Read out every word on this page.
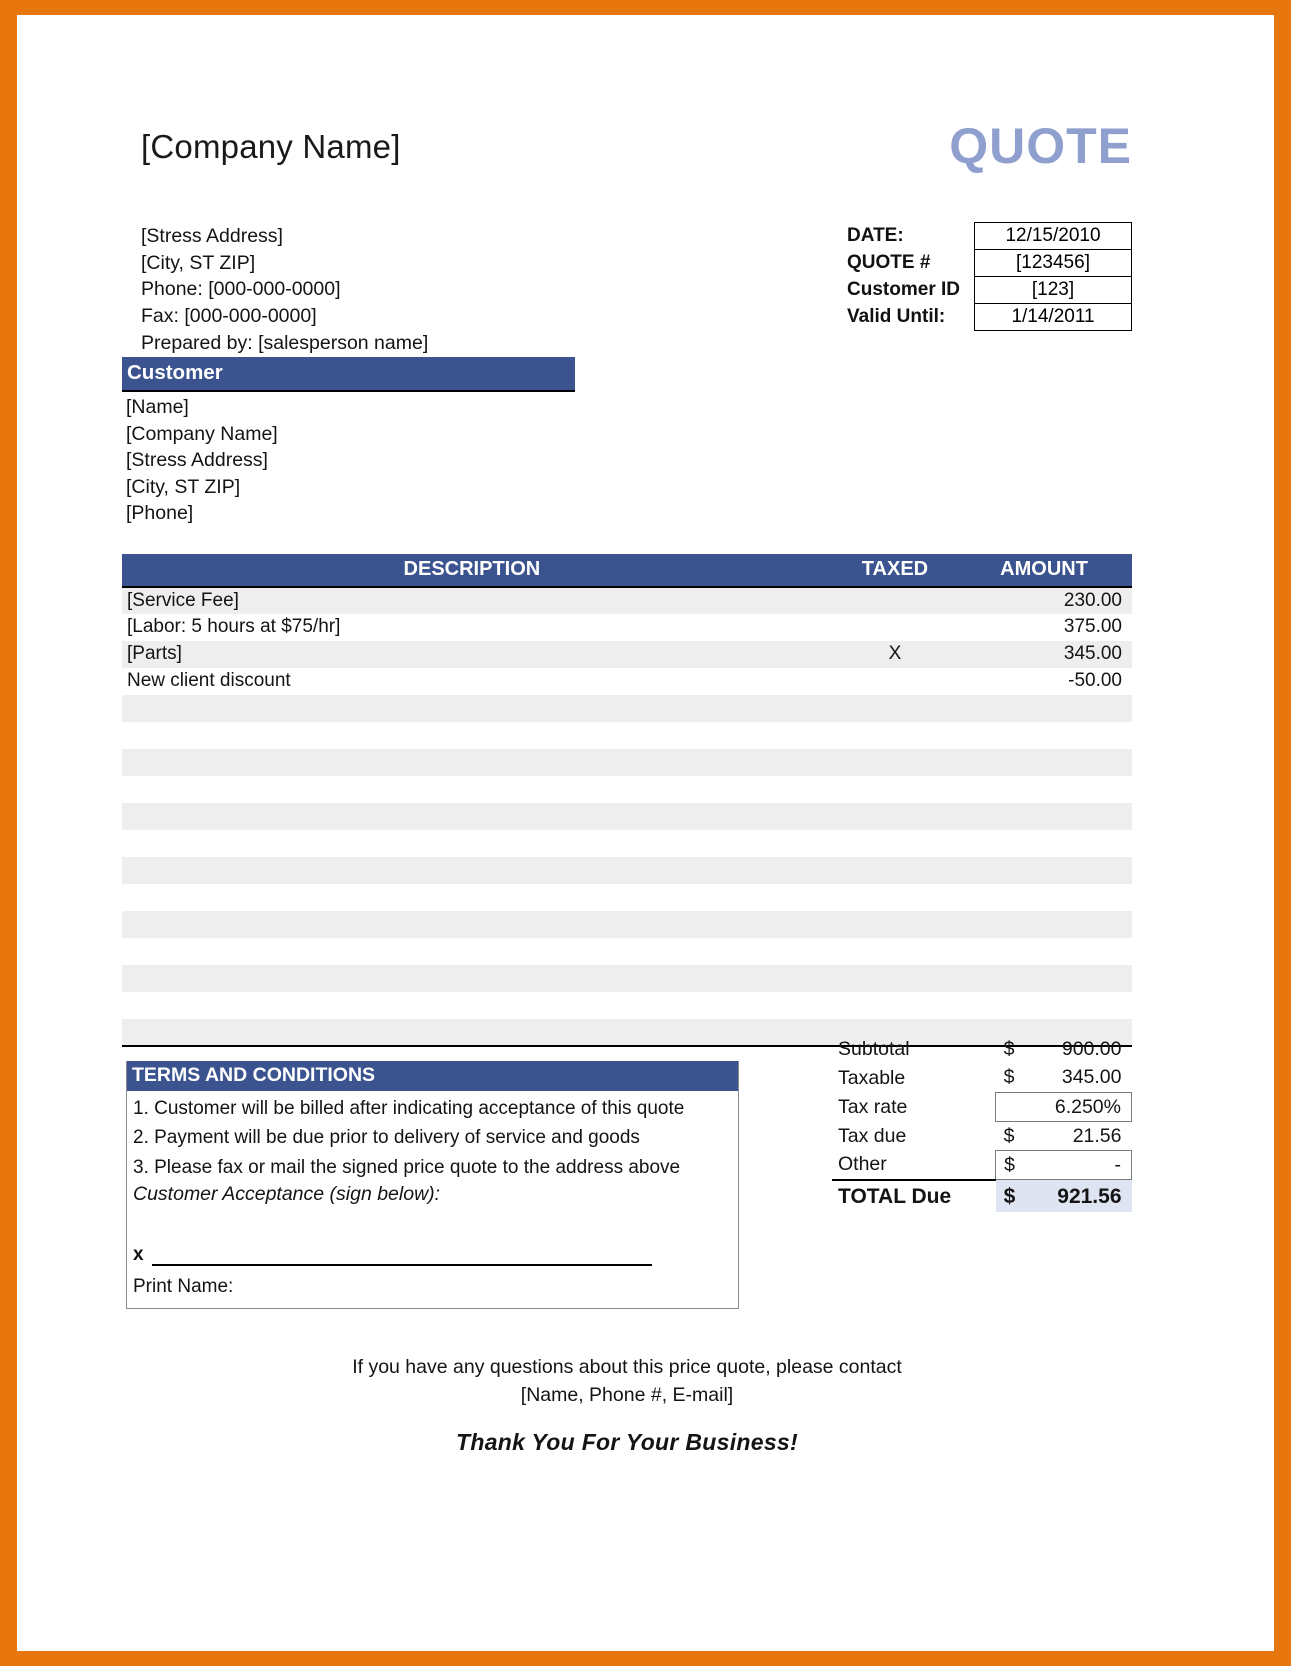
[Company Name]	QUOTE
[Stress Address]
[City, ST ZIP]
Phone: [000-000-0000]
Fax: [000-000-0000]
Prepared by: [salesperson name]
DATE:	12/15/2010
QUOTE #	[123456]
Customer ID	[123]
Valid Until:	1/14/2011
Customer
[Name]
[Company Name]
[Stress Address]
[City, ST ZIP]
[Phone]
DESCRIPTION	TAXED	AMOUNT
[Service Fee]		230.00
[Labor: 5 hours at $75/hr]		375.00
[Parts]	X	345.00
New client discount		-50.00

TERMS AND CONDITIONS
1. Customer will be billed after indicating acceptance of this quote
2. Payment will be due prior to delivery of service and goods
3. Please fax or mail the signed price quote to the address above
Customer Acceptance (sign below):
x
Print Name:
Subtotal	$	900.00
Taxable	$	345.00
Tax rate	6.250%	
Tax due	$	21.56
Other	$	-
TOTAL Due	$	921.56
If you have any questions about this price quote, please contact
[Name, Phone #, E-mail]
Thank You For Your Business!
